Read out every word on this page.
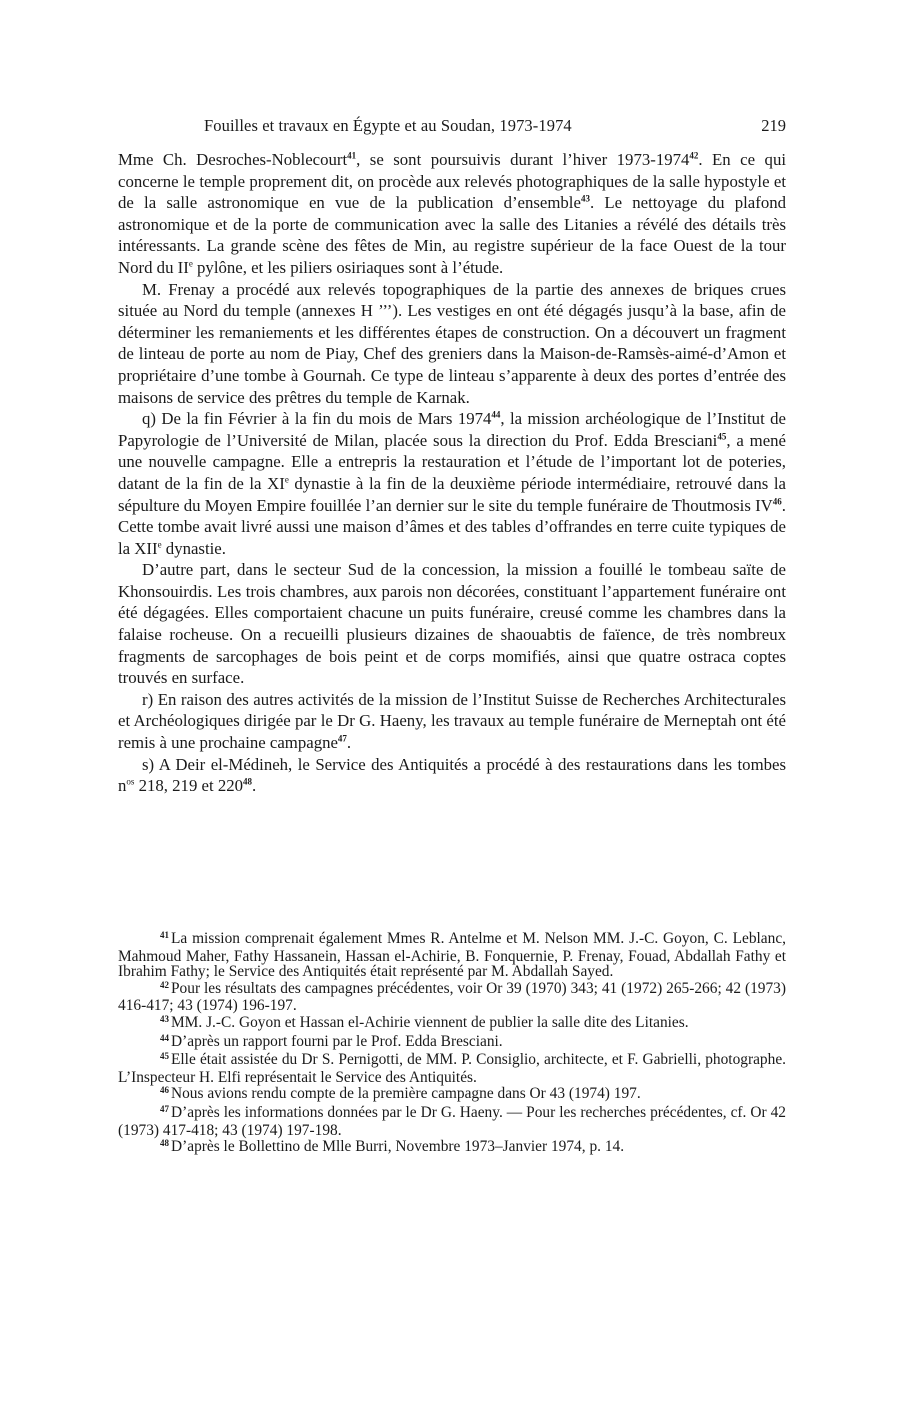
Fouilles et travaux en Égypte et au Soudan, 1973-1974	219

Mme Ch. Desroches-Noblecourt$^{41}$, se sont poursuivis durant l’hiver 1973-1974$^{42}$. En ce qui concerne le temple proprement dit, on procède aux relevés photographiques de la salle hypostyle et de la salle astronomique en vue de la publication d’ensemble$^{43}$. Le nettoyage du plafond astronomique et de la porte de communication avec la salle des Litanies a révélé des détails très intéressants. La grande scène des fêtes de Min, au registre supérieur de la face Ouest de la tour Nord du IIe pylône, et les piliers osiriaques sont à l’étude.

M. Frenay a procédé aux relevés topographiques de la partie des annexes de briques crues située au Nord du temple (annexes H ’’’). Les vestiges en ont été dégagés jusqu’à la base, afin de déterminer les remaniements et les différentes étapes de construction. On a découvert un fragment de linteau de porte au nom de Piay, Chef des greniers dans la Maison-de-Ramsès-aimé-d’Amon et propriétaire d’une tombe à Gournah. Ce type de linteau s’apparente à deux des portes d’entrée des maisons de service des prêtres du temple de Karnak.

q) De la fin Février à la fin du mois de Mars 1974$^{44}$, la mission archéologique de l’Institut de Papyrologie de l’Université de Milan, placée sous la direction du Prof. Edda Bresciani$^{45}$, a mené une nouvelle campagne. Elle a entrepris la restauration et l’étude de l’important lot de poteries, datant de la fin de la XIe dynastie à la fin de la deuxième période intermédiaire, retrouvé dans la sépulture du Moyen Empire fouillée l’an dernier sur le site du temple funéraire de Thoutmosis IV$^{46}$. Cette tombe avait livré aussi une maison d’âmes et des tables d’offrandes en terre cuite typiques de la XIIe dynastie.

D’autre part, dans le secteur Sud de la concession, la mission a fouillé le tombeau saïte de Khonsouirdis. Les trois chambres, aux parois non décorées, constituant l’appartement funéraire ont été dégagées. Elles comportaient chacune un puits funéraire, creusé comme les chambres dans la falaise rocheuse. On a recueilli plusieurs dizaines de shaouabtis de faïence, de très nombreux fragments de sarcophages de bois peint et de corps momifiés, ainsi que quatre ostraca coptes trouvés en surface.

r) En raison des autres activités de la mission de l’Institut Suisse de Recherches Architecturales et Archéologiques dirigée par le Dr G. Haeny, les travaux au temple funéraire de Merneptah ont été remis à une prochaine campagne$^{47}$.

s) A Deir el-Médineh, le Service des Antiquités a procédé à des restaurations dans les tombes $n^{os}$ 218, 219 et $220^{48}$.

$^{41}$ La mission comprenait également Mmes R. Antelme et M. Nelson MM. J.-C. Goyon, C. Leblanc, Mahmoud Maher, Fathy Hassanein, Hassan el-Achirie, B. Fonquernie, P. Frenay, Fouad, Abdallah Fathy et Ibrahim Fathy; le Service des Antiquités était représenté par M. Abdallah Sayed.

$^{42}$ Pour les résultats des campagnes précédentes, voir Or 39 (1970) 343; 41 (1972) 265-266; 42 (1973) 416-417; 43 (1974) 196-197.

$^{43}$ MM. J.-C. Goyon et Hassan el-Achirie viennent de publier la salle dite des Litanies.

$^{44}$ D’après un rapport fourni par le Prof. Edda Bresciani.

$^{45}$ Elle était assistée du Dr S. Pernigotti, de MM. P. Consiglio, architecte, et F. Gabrielli, photographe. L’Inspecteur H. Elfi représentait le Service des Antiquités.

$^{46}$ Nous avions rendu compte de la première campagne dans Or 43 (1974) 197.

$^{47}$ D’après les informations données par le Dr G. Haeny. — Pour les recherches précédentes, cf. Or 42 (1973) 417-418; 43 (1974) 197-198.

$^{48}$ D’après le Bollettino de Mlle Burri, Novembre 1973–Janvier 1974, p. 14.
